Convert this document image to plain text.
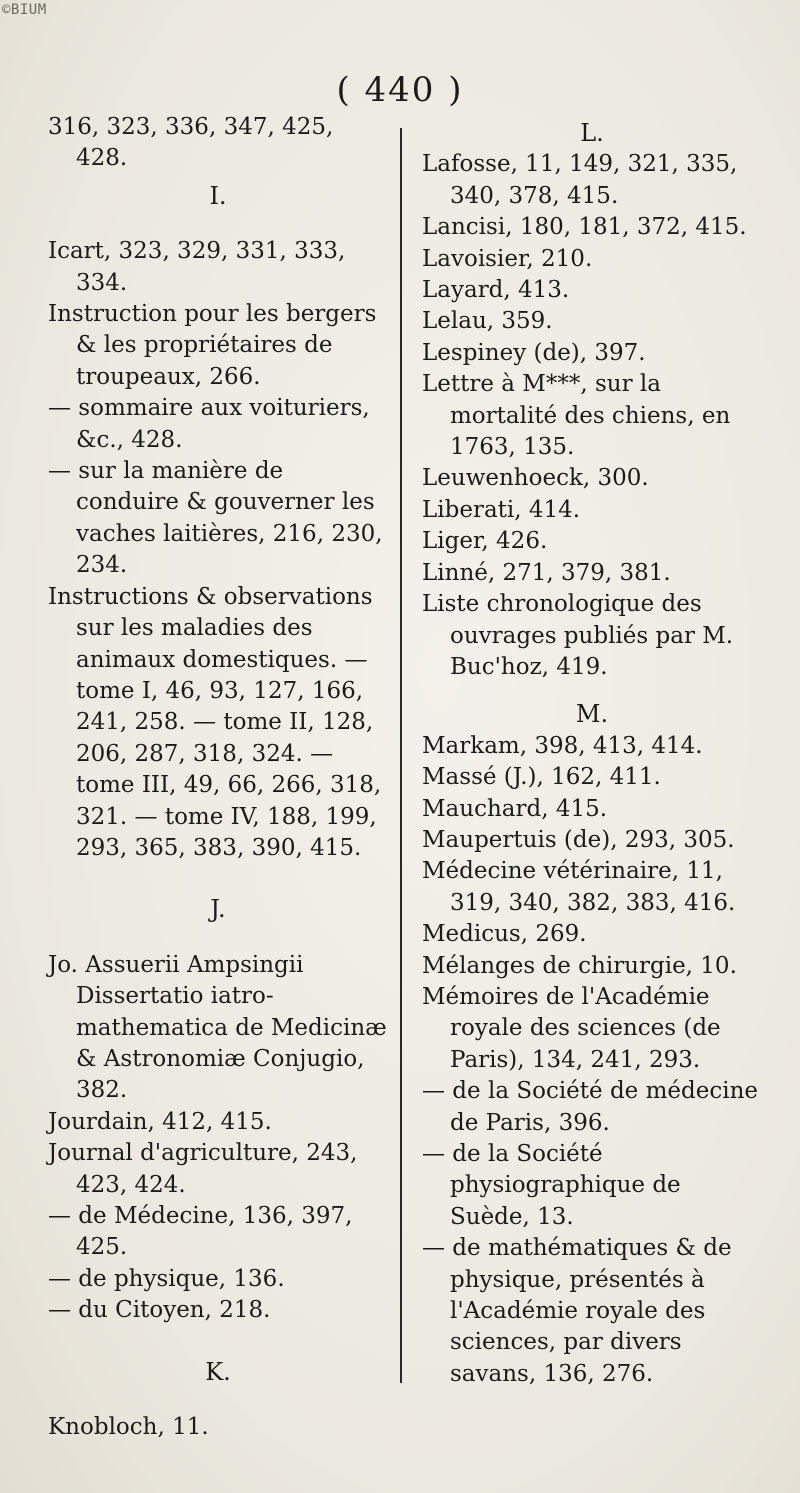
©BIUM
( 440 )

316, 323, 336, 347, 425, 428.

I.

Icart, 323, 329, 331, 333, 334.

Instruction pour les bergers & les propriétaires de troupeaux, 266.

— sommaire aux voituriers, &c., 428.

— sur la manière de conduire & gouverner les vaches laitières, 216, 230, 234.

Instructions & observations sur les maladies des animaux domestiques. — tome I, 46, 93, 127, 166, 241, 258. — tome II, 128, 206, 287, 318, 324. — tome III, 49, 66, 266, 318, 321. — tome IV, 188, 199, 293, 365, 383, 390, 415.

J.

Jo. Assuerii Ampsingii Dissertatio iatro-mathematica de Medicinæ & Astronomiæ Conjugio, 382.

Jourdain, 412, 415.

Journal d'agriculture, 243, 423, 424.

— de Médecine, 136, 397, 425.

— de physique, 136.

— du Citoyen, 218.

K.

Knobloch, 11.

L.

Lafosse, 11, 149, 321, 335, 340, 378, 415.

Lancisi, 180, 181, 372, 415.

Lavoisier, 210.

Layard, 413.

Lelau, 359.

Lespiney (de), 397.

Lettre à M***, sur la mortalité des chiens, en 1763, 135.

Leuwenhoeck, 300.

Liberati, 414.

Liger, 426.

Linné, 271, 379, 381.

Liste chronologique des ouvrages publiés par M. Buc'hoz, 419.

M.

Markam, 398, 413, 414.

Massé (J.), 162, 411.

Mauchard, 415.

Maupertuis (de), 293, 305.

Médecine vétérinaire, 11, 319, 340, 382, 383, 416.

Medicus, 269.

Mélanges de chirurgie, 10.

Mémoires de l'Académie royale des sciences (de Paris), 134, 241, 293.

— de la Société de médecine de Paris, 396.

— de la Société physiographique de Suède, 13.

— de mathématiques & de physique, présentés à l'Académie royale des sciences, par divers savans, 136, 276.
